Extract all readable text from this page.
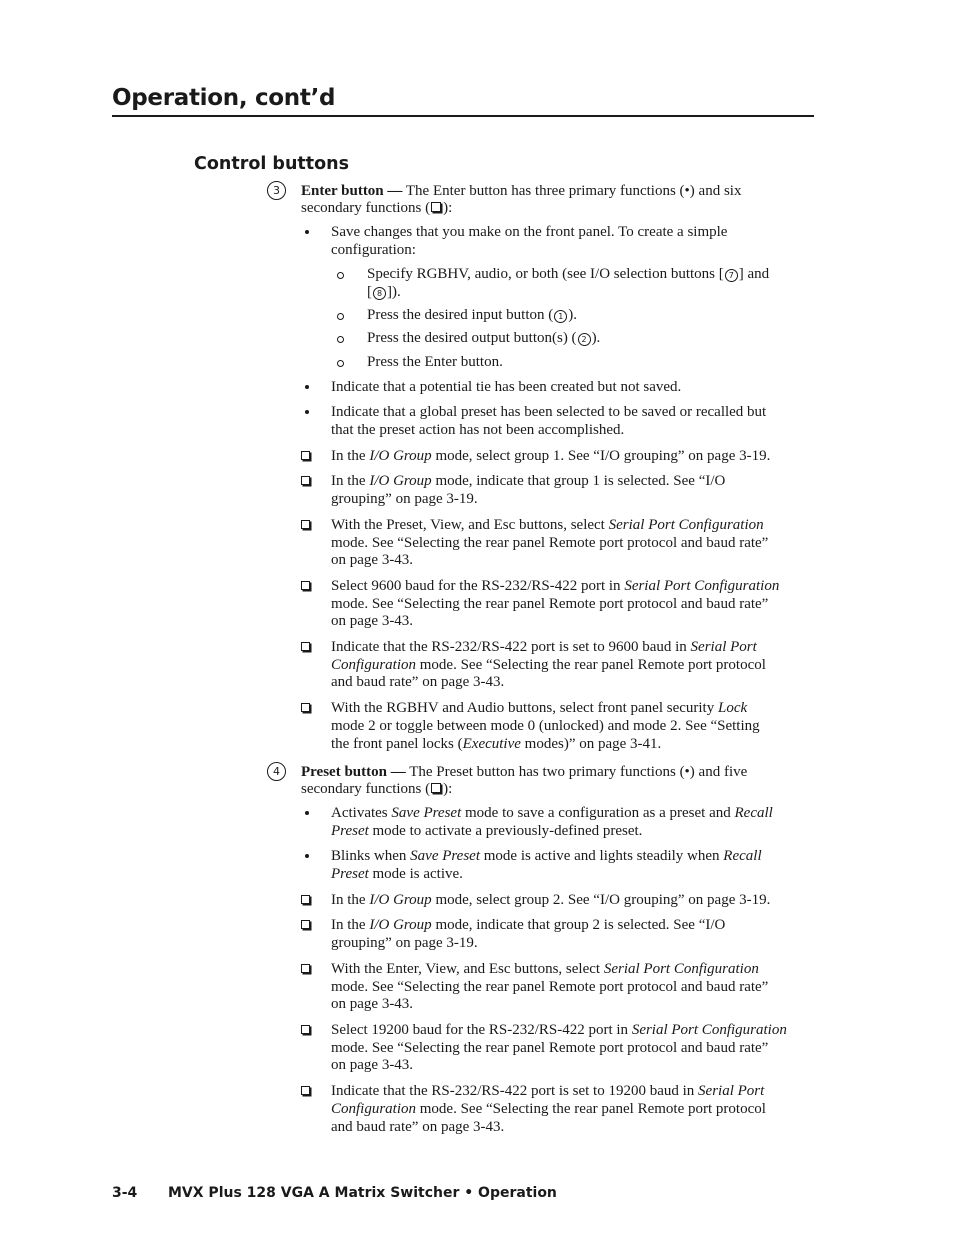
Operation, cont’d
Control buttons
3	Enter button — The Enter button has three primary functions (•) and six

secondary functions ( ):

Save changes that you make on the front panel. To create a simple

configuration:

Specify RGBHV, audio, or both (see I/O selection buttons [ 7 ] and

[ 8 ]).

Press the desired input button ( 1 ).

Press the desired output button(s) ( 2 ).

Press the Enter button.

Indicate that a potential tie has been created but not saved.

Indicate that a global preset has been selected to be saved or recalled but

that the preset action has not been accomplished.

In the I/O Group mode, select group 1. See “I/O grouping” on page 3-19.

In the I/O Group mode, indicate that group 1 is selected. See “I/O

grouping” on page 3-19.

With the Preset, View, and Esc buttons, select Serial Port Configuration

mode. See “Selecting the rear panel Remote port protocol and baud rate”

on page 3-43.

Select 9600 baud for the RS-232/RS-422 port in Serial Port Configuration

mode. See “Selecting the rear panel Remote port protocol and baud rate”

on page 3-43.

Indicate that the RS-232/RS-422 port is set to 9600 baud in Serial Port

Configuration mode. See “Selecting the rear panel Remote port protocol

and baud rate” on page 3-43.

With the RGBHV and Audio buttons, select front panel security Lock

mode 2 or toggle between mode 0 (unlocked) and mode 2. See “Setting

the front panel locks (Executive modes)” on page 3-41.

4	Preset button — The Preset button has two primary functions (•) and five

secondary functions ( ):

Activates Save Preset mode to save a configuration as a preset and Recall

Preset mode to activate a previously-defined preset.

Blinks when Save Preset mode is active and lights steadily when Recall

Preset mode is active.

In the I/O Group mode, select group 2. See “I/O grouping” on page 3-19.

In the I/O Group mode, indicate that group 2 is selected. See “I/O

grouping” on page 3-19.

With the Enter, View, and Esc buttons, select Serial Port Configuration

mode. See “Selecting the rear panel Remote port protocol and baud rate”

on page 3-43.

Select 19200 baud for the RS-232/RS-422 port in Serial Port Configuration

mode. See “Selecting the rear panel Remote port protocol and baud rate”

on page 3-43.

Indicate that the RS-232/RS-422 port is set to 19200 baud in Serial Port

Configuration mode. See “Selecting the rear panel Remote port protocol

and baud rate” on page 3-43.

3-4 MVX Plus 128 VGA A Matrix Switcher • Operation
